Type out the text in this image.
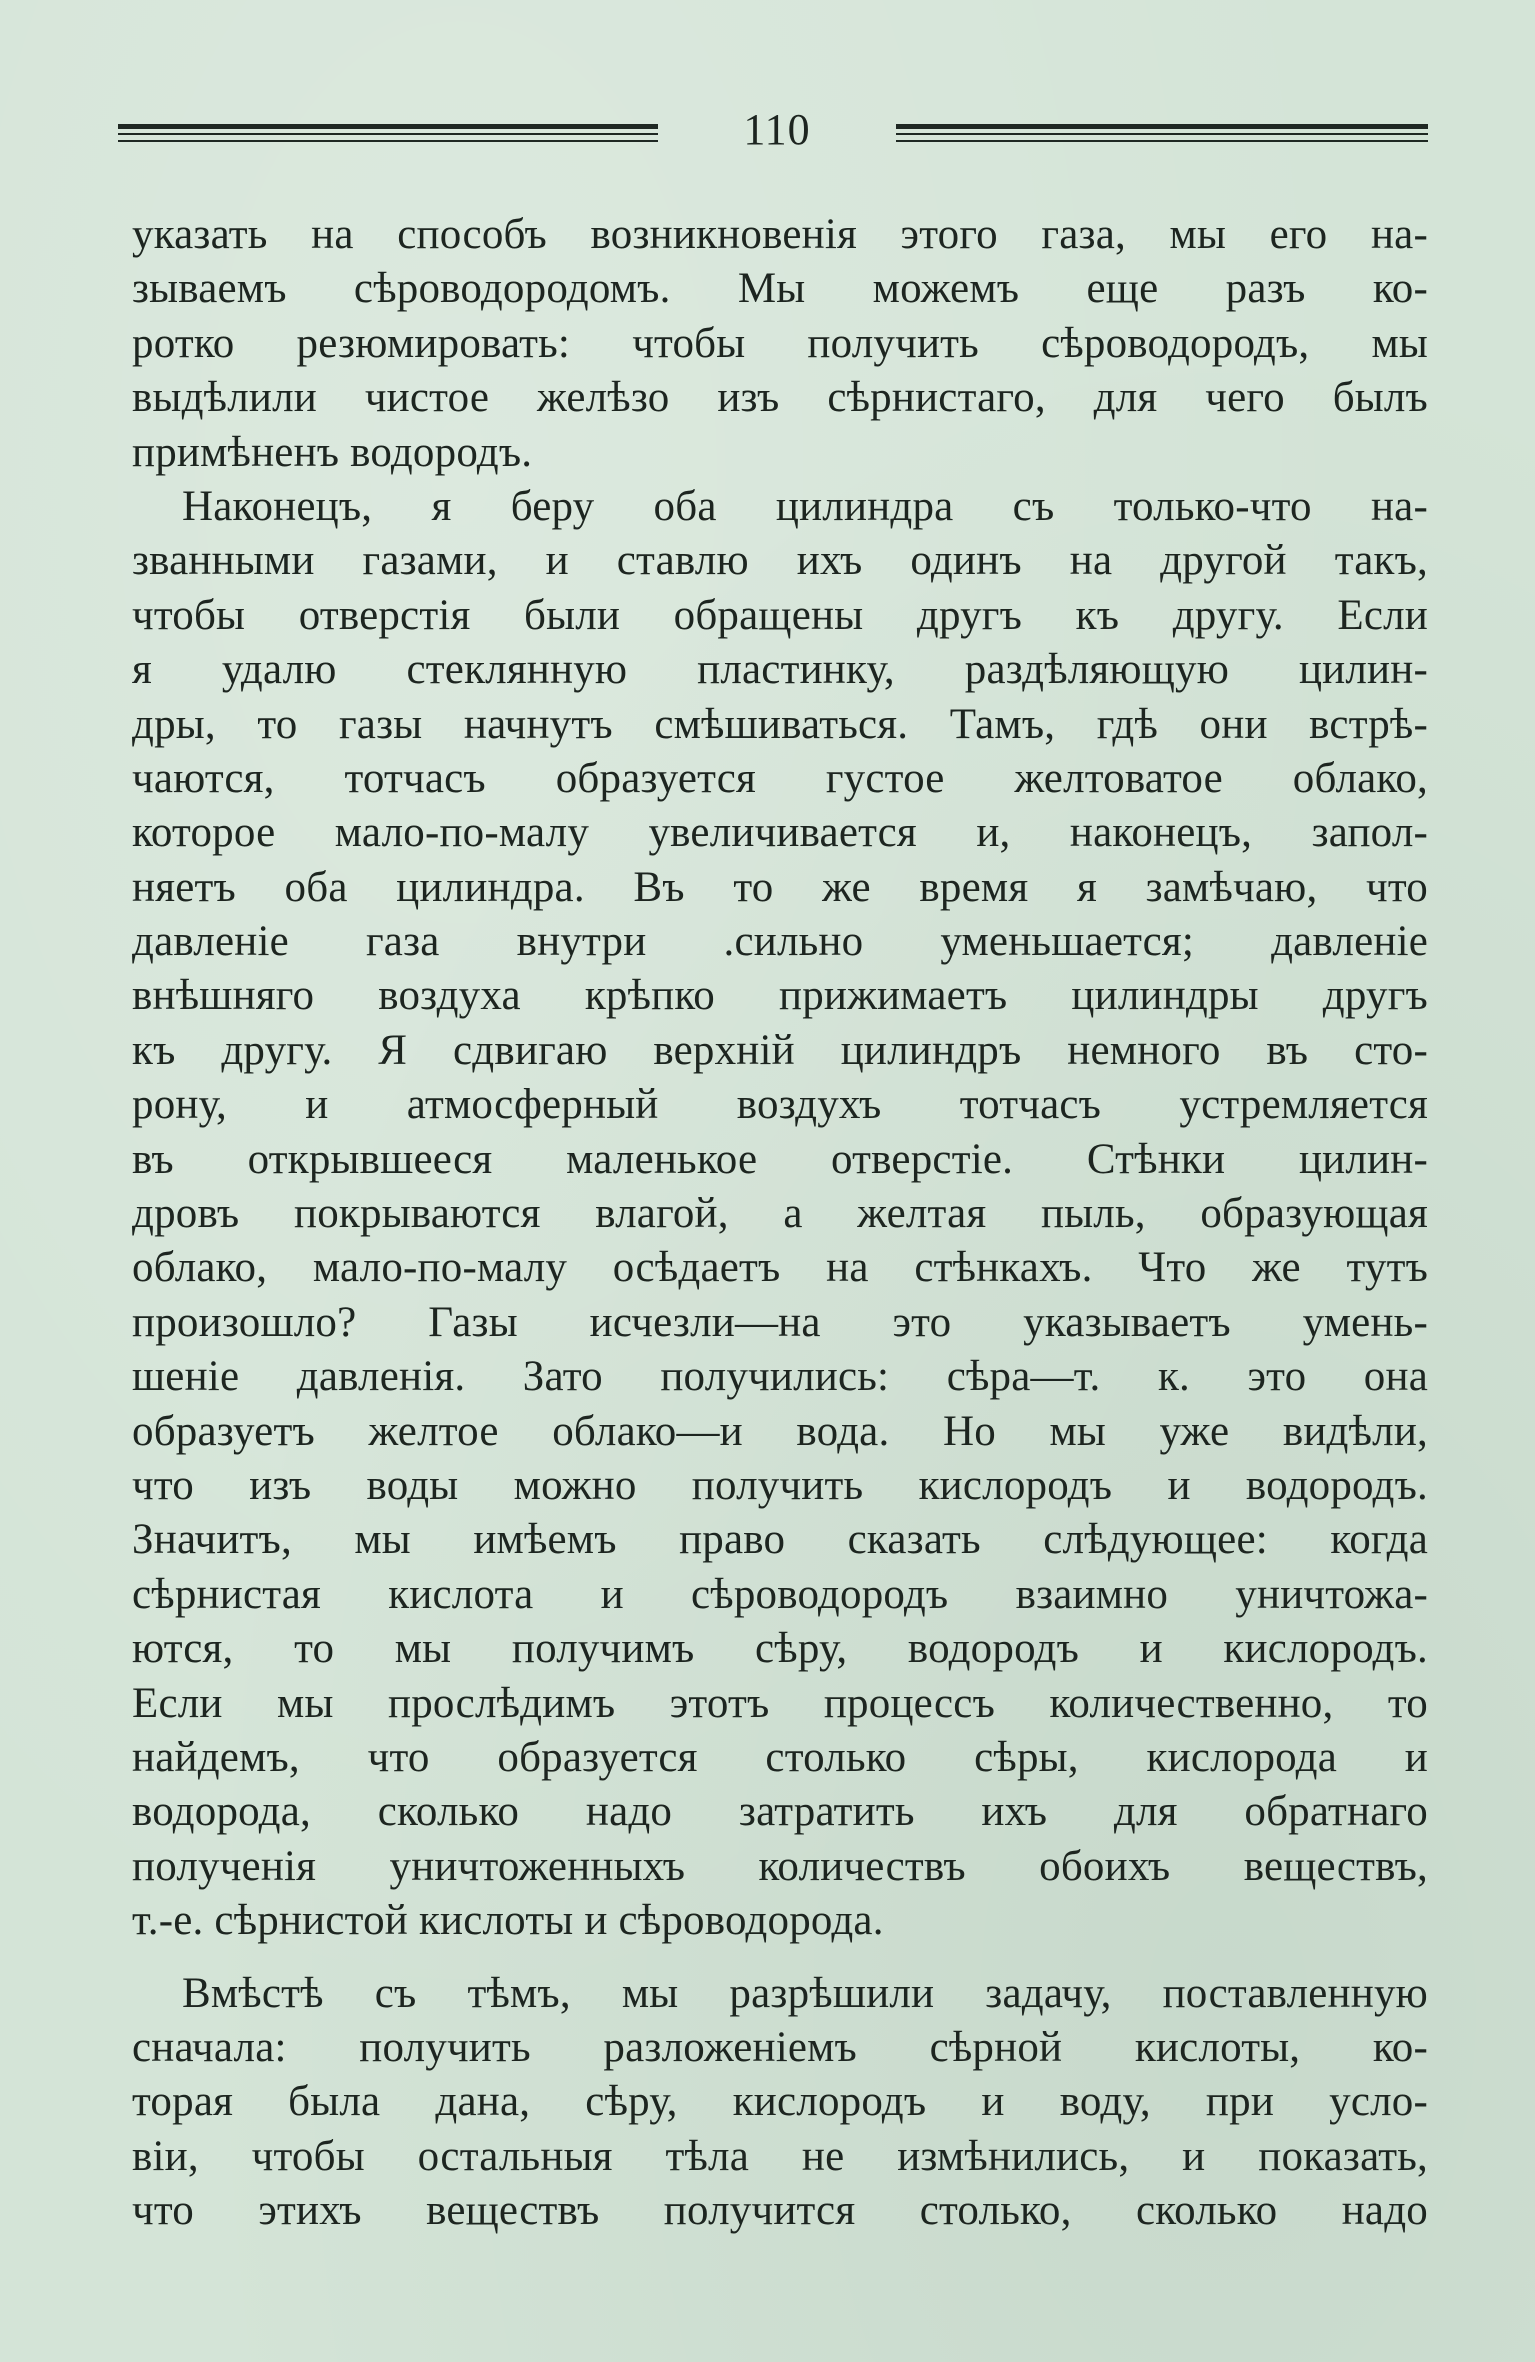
110
указать на способъ возникновенія этого газа, мы его на-
зываемъ сѣроводородомъ. Мы можемъ еще разъ ко-
ротко резюмировать: чтобы получить сѣроводородъ, мы
выдѣлили чистое желѣзо изъ сѣрнистаго, для чего былъ
примѣненъ водородъ.
Наконецъ, я беру оба цилиндра съ только-что на-
званными газами, и ставлю ихъ одинъ на другой такъ,
чтобы отверстія были обращены другъ къ другу. Если
я удалю стеклянную пластинку, раздѣляющую цилин-
дры, то газы начнутъ смѣшиваться. Тамъ, гдѣ они встрѣ-
чаются, тотчасъ образуется густое желтоватое облако,
которое мало-по-малу увеличивается и, наконецъ, запол-
няетъ оба цилиндра. Въ то же время я замѣчаю, что
давленіе газа внутри .сильно уменьшается; давленіе
внѣшняго воздуха крѣпко прижимаетъ цилиндры другъ
къ другу. Я сдвигаю верхній цилиндръ немного въ сто-
рону, и атмосферный воздухъ тотчасъ устремляется
въ открывшееся маленькое отверстіе. Стѣнки цилин-
дровъ покрываются влагой, а желтая пыль, образующая
облако, мало-по-малу осѣдаетъ на стѣнкахъ. Что же тутъ
произошло? Газы исчезли—на это указываетъ умень-
шеніе давленія. Зато получились: сѣра—т. к. это она
образуетъ желтое облако—и вода. Но мы уже видѣли,
что изъ воды можно получить кислородъ и водородъ.
Значитъ, мы имѣемъ право сказать слѣдующее: когда
сѣрнистая кислота и сѣроводородъ взаимно уничтожа-
ются, то мы получимъ сѣру, водородъ и кислородъ.
Если мы прослѣдимъ этотъ процессъ количественно, то
найдемъ, что образуется столько сѣры, кислорода и
водорода, сколько надо затратить ихъ для обратнаго
полученія уничтоженныхъ количествъ обоихъ веществъ,
т.-е. сѣрнистой кислоты и сѣроводорода.
Вмѣстѣ съ тѣмъ, мы разрѣшили задачу, поставленную
сначала: получить разложеніемъ сѣрной кислоты, ко-
торая была дана, сѣру, кислородъ и воду, при усло-
віи, чтобы остальныя тѣла не измѣнились, и показать,
что этихъ веществъ получится столько, сколько надо
